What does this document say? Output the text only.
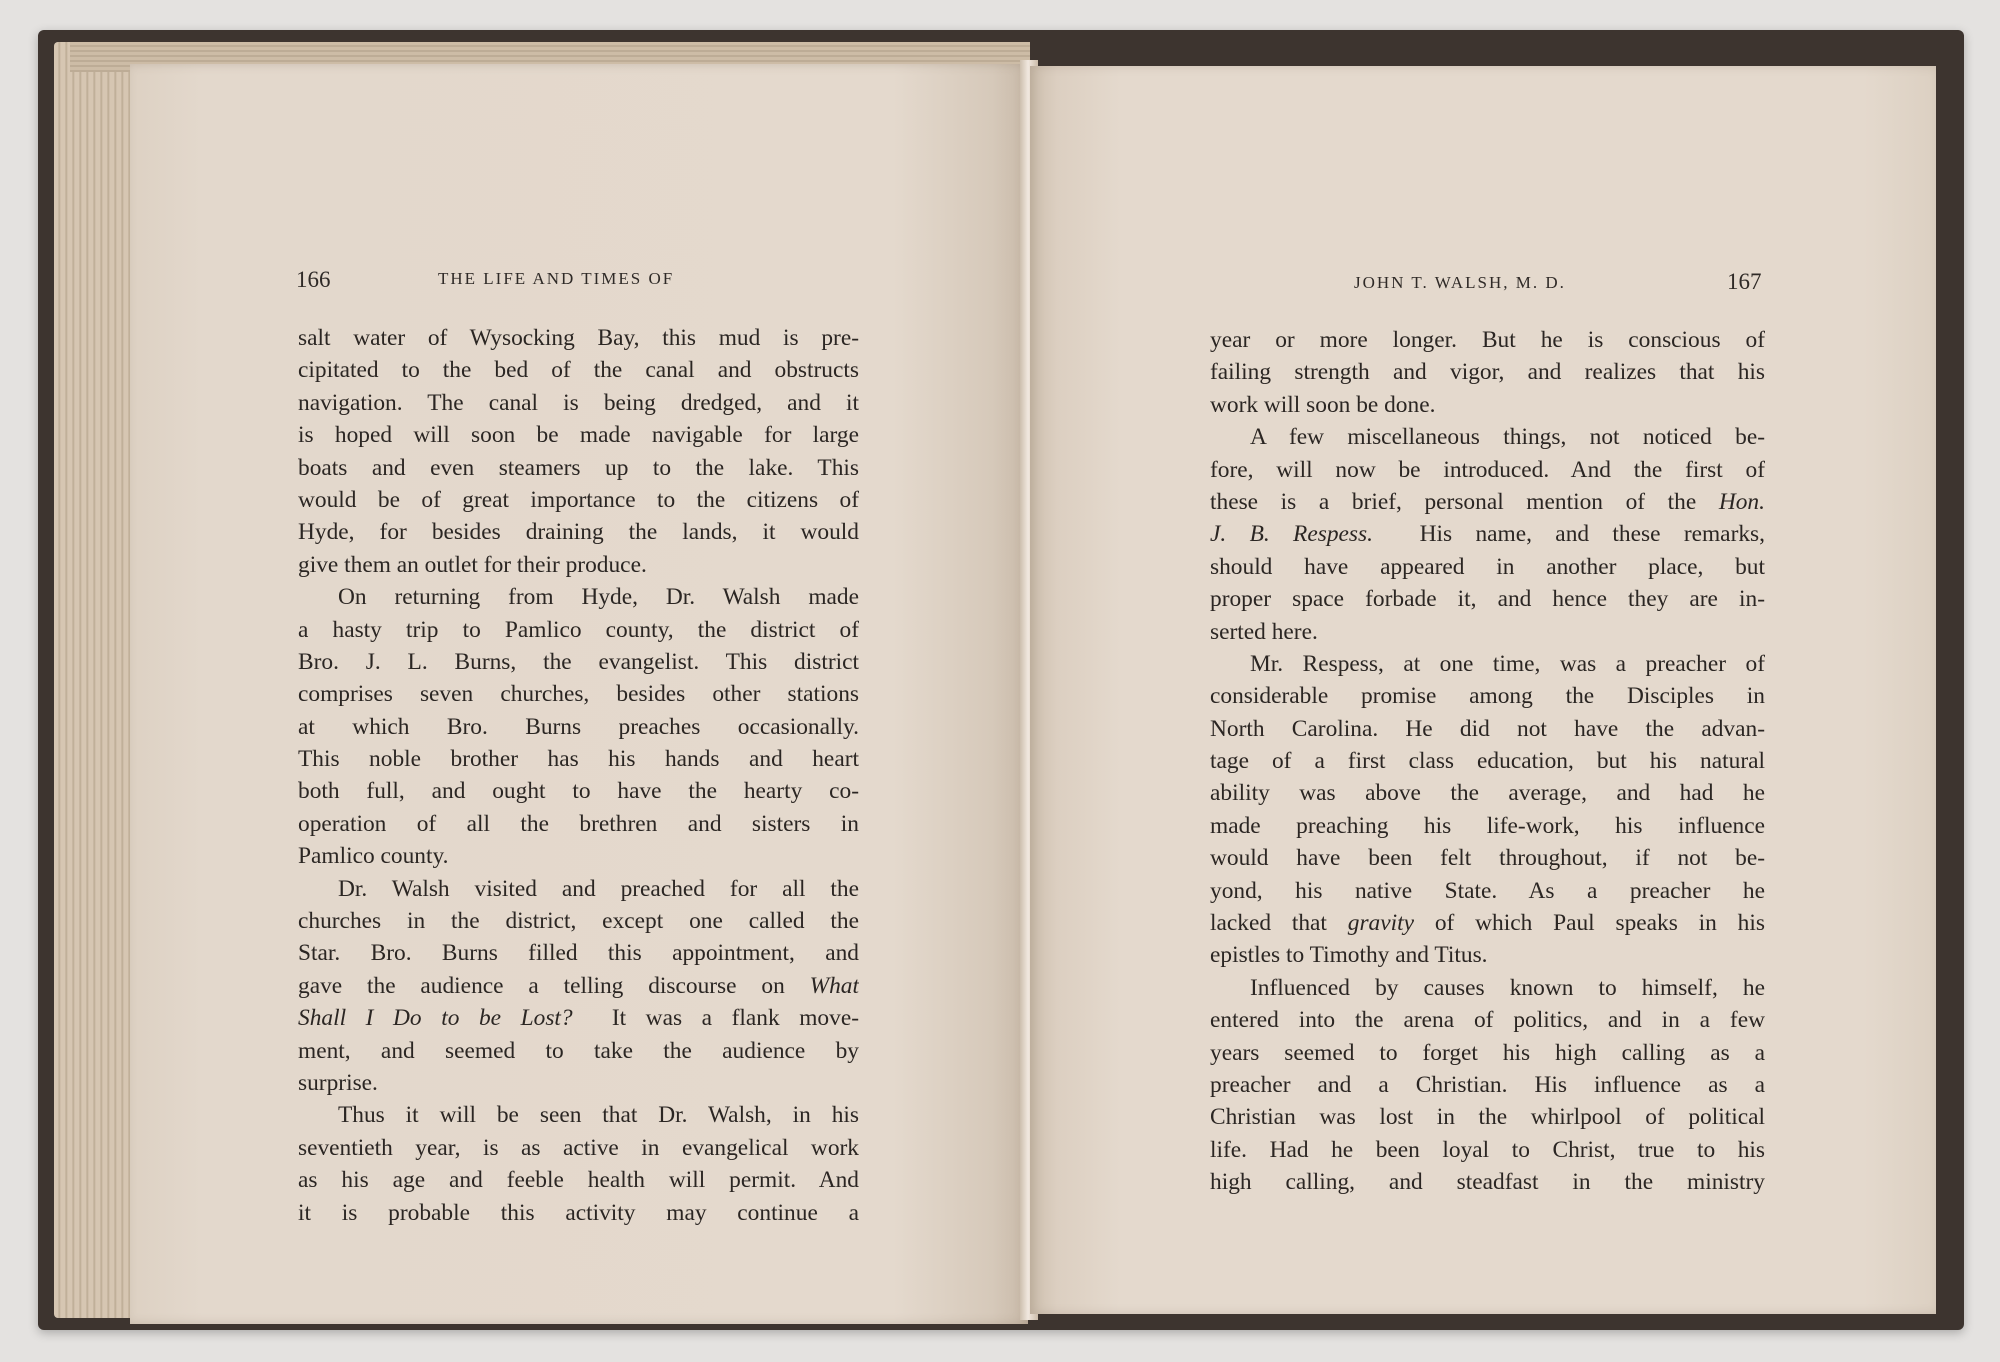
166	THE LIFE AND TIMES OF
salt water of Wysocking Bay, this mud is pre-
cipitated to the bed of the canal and obstructs
navigation. The canal is being dredged, and it
is hoped will soon be made navigable for large
boats and even steamers up to the lake. This
would be of great importance to the citizens of
Hyde, for besides draining the lands, it would
give them an outlet for their produce.
On returning from Hyde, Dr. Walsh made
a hasty trip to Pamlico county, the district of
Bro. J. L. Burns, the evangelist. This district
comprises seven churches, besides other stations
at which Bro. Burns preaches occasionally.
This noble brother has his hands and heart
both full, and ought to have the hearty co-
operation of all the brethren and sisters in
Pamlico county.
Dr. Walsh visited and preached for all the
churches in the district, except one called the
Star. Bro. Burns filled this appointment, and
gave the audience a telling discourse on What
Shall I Do to be Lost? It was a flank move-
ment, and seemed to take the audience by
surprise.
Thus it will be seen that Dr. Walsh, in his
seventieth year, is as active in evangelical work
as his age and feeble health will permit. And
it is probable this activity may continue a
JOHN T. WALSH, M. D.	167
year or more longer. But he is conscious of
failing strength and vigor, and realizes that his
work will soon be done.
A few miscellaneous things, not noticed be-
fore, will now be introduced. And the first of
these is a brief, personal mention of the Hon.
J. B. Respess. His name, and these remarks,
should have appeared in another place, but
proper space forbade it, and hence they are in-
serted here.
Mr. Respess, at one time, was a preacher of
considerable promise among the Disciples in
North Carolina. He did not have the advan-
tage of a first class education, but his natural
ability was above the average, and had he
made preaching his life-work, his influence
would have been felt throughout, if not be-
yond, his native State. As a preacher he
lacked that gravity of which Paul speaks in his
epistles to Timothy and Titus.
Influenced by causes known to himself, he
entered into the arena of politics, and in a few
years seemed to forget his high calling as a
preacher and a Christian. His influence as a
Christian was lost in the whirlpool of political
life. Had he been loyal to Christ, true to his
high calling, and steadfast in the ministry
